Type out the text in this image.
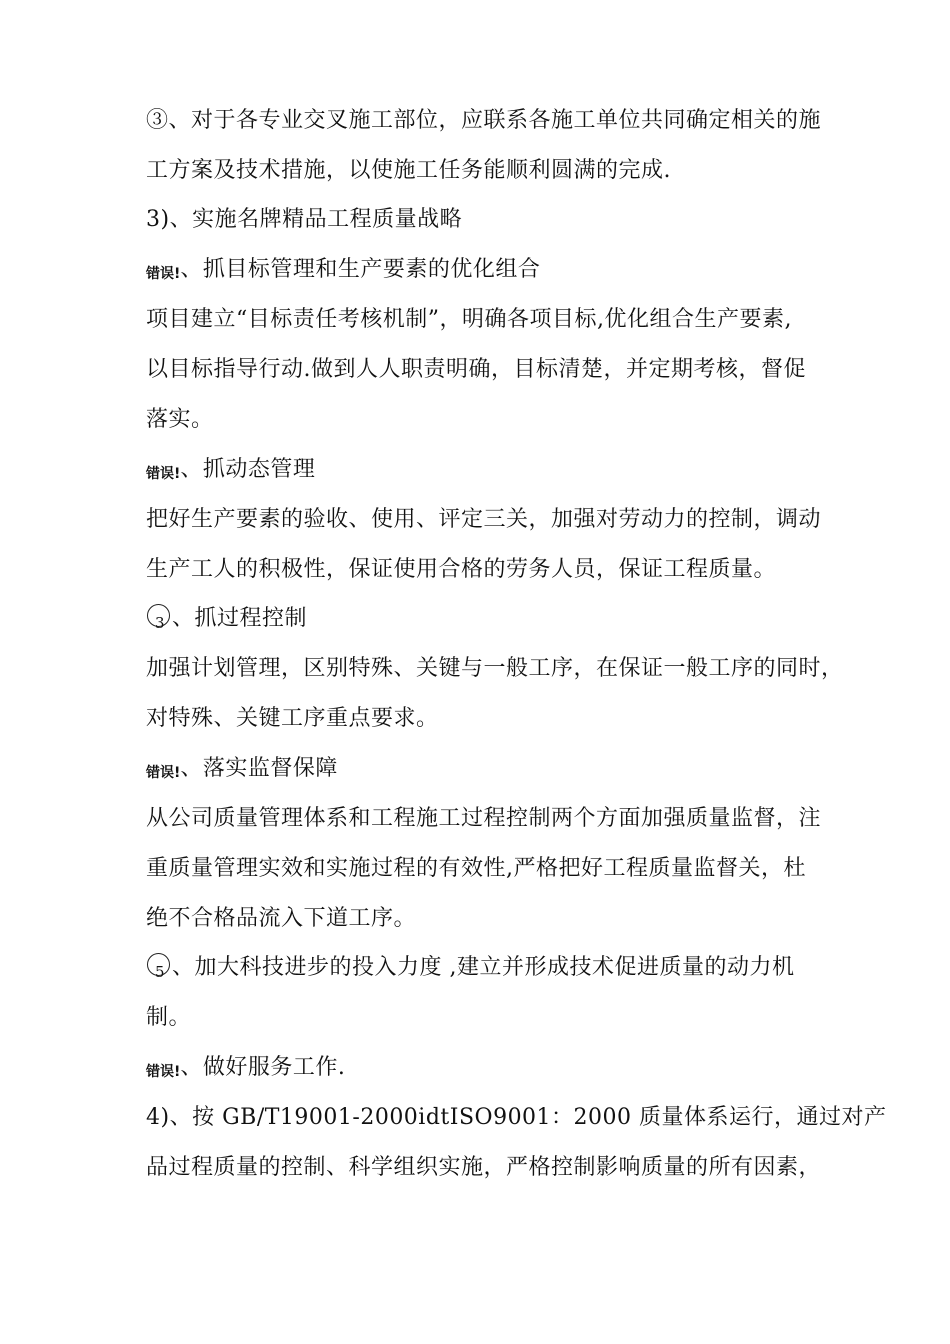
③、对于各专业交叉施工部位，应联系各施工单位共同确定相关的施
工方案及技术措施，以使施工任务能顺利圆满的完成.
3)、实施名牌精品工程质量战略
错误!、抓目标管理和生产要素的优化组合
项目建立“目标责任考核机制”，明确各项目标,优化组合生产要素,
以目标指导行动.做到人人职责明确，目标清楚，并定期考核，督促
落实。
错误!、抓动态管理
把好生产要素的验收、使用、评定三关，加强对劳动力的控制，调动
生产工人的积极性，保证使用合格的劳务人员，保证工程质量。
3 、抓过程控制
加强计划管理，区别特殊、关键与一般工序，在保证一般工序的同时，
对特殊、关键工序重点要求。
错误!、落实监督保障
从公司质量管理体系和工程施工过程控制两个方面加强质量监督，注
重质量管理实效和实施过程的有效性,严格把好工程质量监督关，杜
绝不合格品流入下道工序。
5 、加大科技进步的投入力度 ,建立并形成技术促进质量的动力机
制。
错误!、做好服务工作.
4)、按 GB/T19001-2000idtISO9001：2000 质量体系运行，通过对产
品过程质量的控制、科学组织实施，严格控制影响质量的所有因素，
